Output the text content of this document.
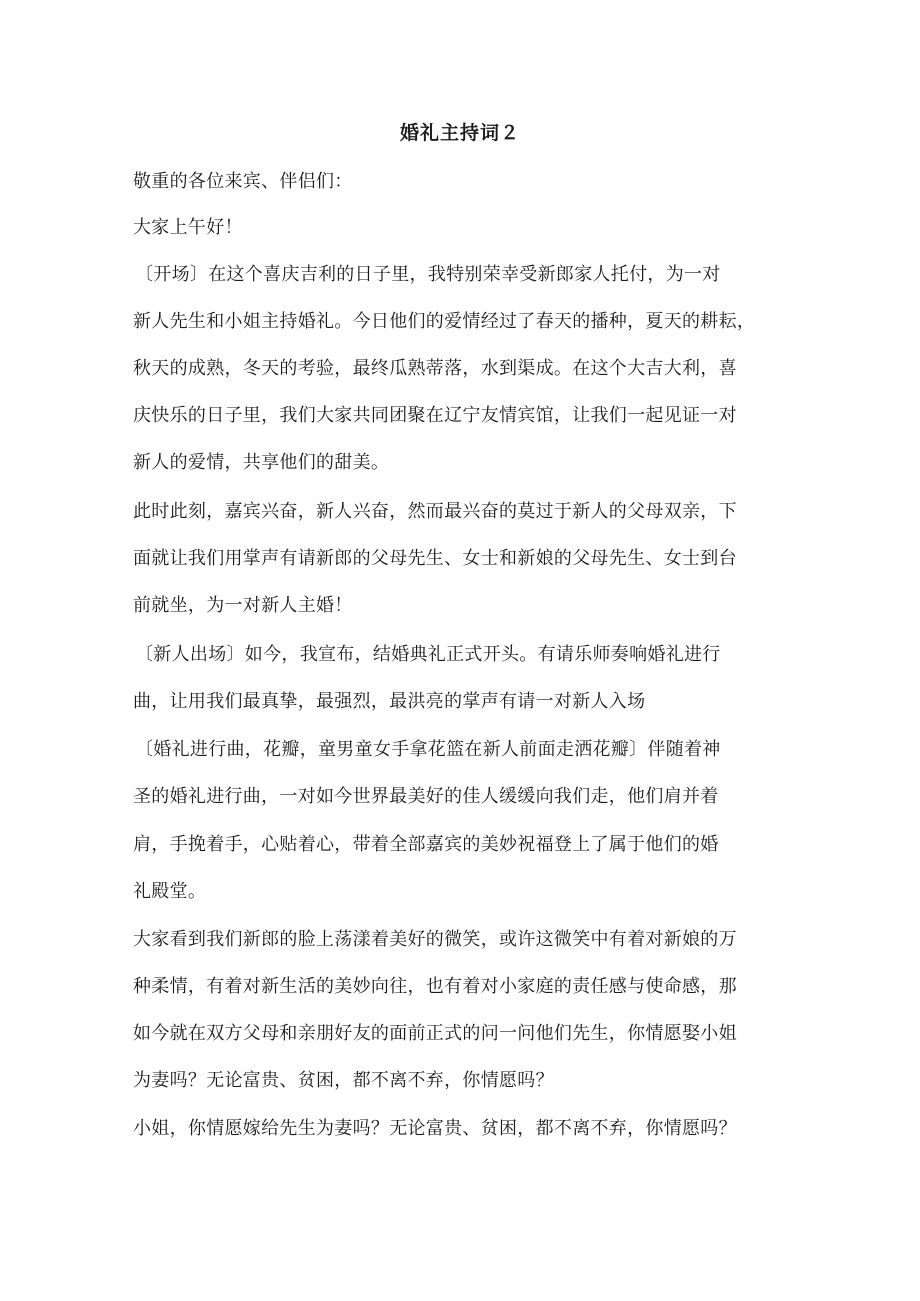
婚礼主持词２
敬重的各位来宾、伴侣们：
大家上午好！
〔开场〕在这个喜庆吉利的日子里，我特别荣幸受新郎家人托付，为一对
新人先生和小姐主持婚礼。今日他们的爱情经过了春天的播种，夏天的耕耘，
秋天的成熟，冬天的考验，最终瓜熟蒂落，水到渠成。在这个大吉大利，喜
庆快乐的日子里，我们大家共同团聚在辽宁友情宾馆，让我们一起见证一对
新人的爱情，共享他们的甜美。
此时此刻，嘉宾兴奋，新人兴奋，然而最兴奋的莫过于新人的父母双亲，下
面就让我们用掌声有请新郎的父母先生、女士和新娘的父母先生、女士到台
前就坐，为一对新人主婚！
〔新人出场〕如今，我宣布，结婚典礼正式开头。有请乐师奏响婚礼进行
曲，让用我们最真挚，最强烈，最洪亮的掌声有请一对新人入场
〔婚礼进行曲，花瓣，童男童女手拿花篮在新人前面走洒花瓣〕伴随着神
圣的婚礼进行曲，一对如今世界最美好的佳人缓缓向我们走，他们肩并着
肩，手挽着手，心贴着心，带着全部嘉宾的美妙祝福登上了属于他们的婚
礼殿堂。
大家看到我们新郎的脸上荡漾着美好的微笑，或许这微笑中有着对新娘的万
种柔情，有着对新生活的美妙向往，也有着对小家庭的责任感与使命感，那
如今就在双方父母和亲朋好友的面前正式的问一问他们先生，你情愿娶小姐
为妻吗？无论富贵、贫困，都不离不弃，你情愿吗？
小姐，你情愿嫁给先生为妻吗？无论富贵、贫困，都不离不弃，你情愿吗？
